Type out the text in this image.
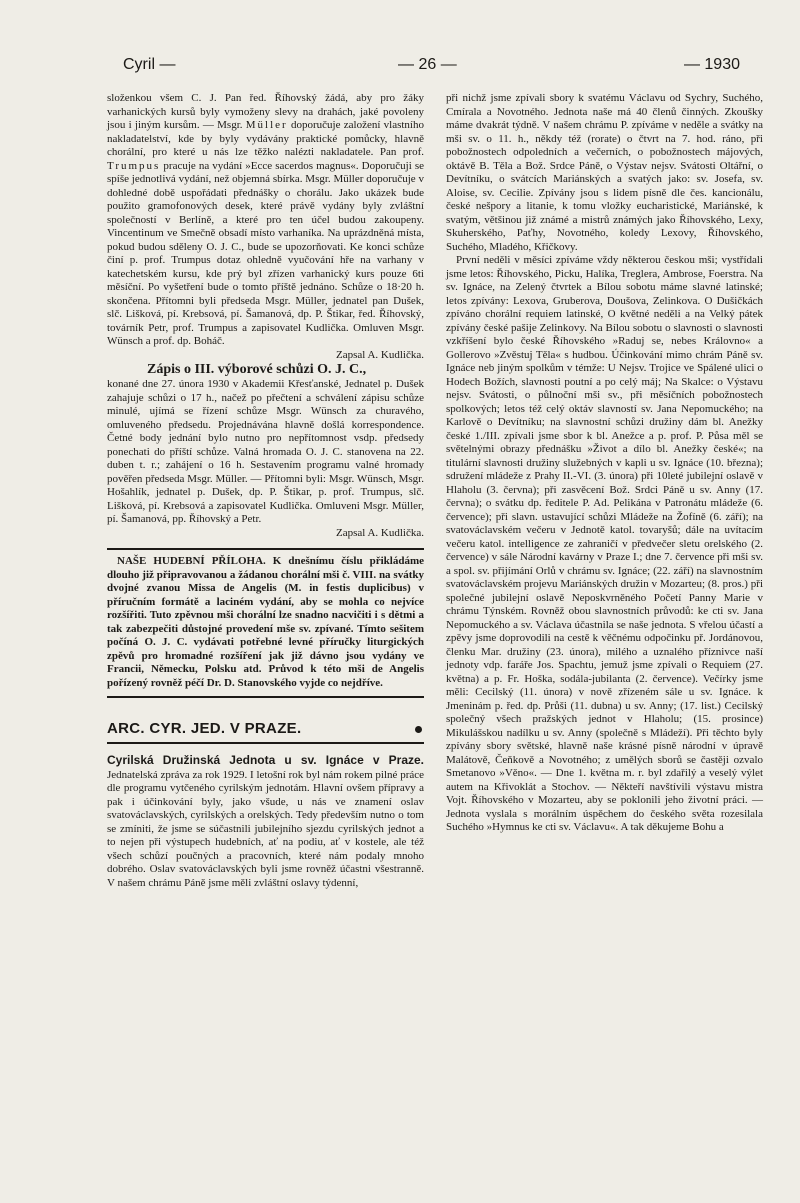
Cyril —	— 26 —	— 1930

složenkou všem C. J. Pan řed. Říhovský žádá, aby pro žáky varhanických kursů byly vymoženy slevy na drahách, jaké povoleny jsou i jiným kursům. — Msgr. Müller doporučuje založení vlastního nakladatelství, kde by byly vydávány praktické pomůcky, hlavně chorální, pro které u nás lze těžko nalézti nakladatele. Pan prof. Trumpus pracuje na vydání »Ecce sacerdos magnus«. Doporučuji se spíše jednotlivá vydání, než objemná sbírka. Msgr. Müller doporučuje v dohledné době uspořádati přednášky o chorálu. Jako ukázek bude použito gramofonových desek, které právě vydány byly zvláštní společností v Berlíně, a které pro ten účel budou zakoupeny. Vincentinum ve Smečně obsadí místo varhaníka. Na uprázdněná místa, pokud budou sděleny O. J. C., bude se upozorňovati. Ke konci schůze činí p. prof. Trumpus dotaz ohledně vyučování hře na varhany v katechetském kursu, kde prý byl zřízen varhanický kurs pouze 6ti měsíční. Po vyšetření bude o tomto příště jednáno. Schůze o 18·20 h. skončena. Přítomni byli předseda Msgr. Müller, jednatel pan Dušek, slč. Lišková, pí. Krebsová, pí. Šamanová, dp. P. Štikar, řed. Říhovský, továrník Petr, prof. Trumpus a zapisovatel Kudlička. Omluven Msgr. Wünsch a prof. dp. Boháč.

Zapsal A. Kudlička.

Zápis o III. výborové schůzi O. J. C.,

konané dne 27. února 1930 v Akademii Křesťanské, Jednatel p. Dušek zahajuje schůzi o 17 h., načež po přečtení a schválení zápisu schůze minulé, ujímá se řízení schůze Msgr. Wünsch za churavého, omluveného předsedu. Projednávána hlavně došlá korrespondence. Četné body jednání bylo nutno pro nepřítomnost vsdp. předsedy ponechati do příští schůze. Valná hromada O. J. C. stanovena na 22. duben t. r.; zahájení o 16 h. Sestavením programu valné hromady pověřen předseda Msgr. Müller. — Přítomni byli: Msgr. Wünsch, Msgr. Hošahlík, jednatel p. Dušek, dp. P. Štikar, p. prof. Trumpus, slč. Lišková, pí. Krebsová a zapisovatel Kudlička. Omluveni Msgr. Müller, pí. Šamanová, pp. Říhovský a Petr.

Zapsal A. Kudlička.

NAŠE HUDEBNÍ PŘÍLOHA. K dnešnímu číslu přikládáme dlouho již připravovanou a žádanou chorální mši č. VIII. na svátky dvojné zvanou Missa de Angelis (M. in festis duplicibus) v příručním formátě a laciném vydání, aby se mohla co nejvíce rozšířiti. Tuto zpěvnou mši chorální lze snadno nacvičiti i s dětmi a tak zabezpečiti důstojné provedení mše sv. zpívané. Tímto sešitem počíná O. J. C. vydávati potřebné levné příručky liturgických zpěvů pro hromadné rozšíření jak již dávno jsou vydány ve Francii, Německu, Polsku atd. Průvod k této mši de Angelis pořízený rovněž péčí Dr. D. Stanovského vyjde co nejdříve.

ARC. CYR. JED. V PRAZE.

Cyrilská Družinská Jednota u sv. Ignáce v Praze. Jednatelská zpráva za rok 1929. I letošní rok byl nám rokem pilné práce dle programu vytčeného cyrilským jednotám. Hlavní ovšem přípravy a pak i účinkování byly, jako všude, u nás ve znamení oslav svatováclavských, cyrilských a orelských. Tedy především nutno o tom se zmíniti, že jsme se súčastnili jubilejního sjezdu cyrilských jednot a to nejen při výstupech hudebních, ať na podiu, ať v kostele, ale též všech schůzí poučných a pracovních, které nám podaly mnoho dobrého. Oslav svatováclavských byli jsme rovněž účastni všestranně. V našem chrámu Páně jsme měli zvláštní oslavy týdenní,

při nichž jsme zpívali sbory k svatému Václavu od Sychry, Suchého, Cmírala a Novotného. Jednota naše má 40 členů činných. Zkoušky máme dvakrát týdně. V našem chrámu P. zpíváme v neděle a svátky na mši sv. o 11. h., někdy též (rorate) o čtvrt na 7. hod. ráno, při pobožnostech odpoledních a večerních, o pobožnostech májových, oktávě B. Těla a Bož. Srdce Páně, o Výstav nejsv. Svátosti Oltářní, o Devítníku, o svátcích Mariánských a svatých jako: sv. Josefa, sv. Aloise, sv. Cecilie. Zpívány jsou s lidem písně dle čes. kancionálu, české nešpory a litanie, k tomu vložky eucharistické, Mariánské, k svatým, většinou již známé a mistrů známých jako Říhovského, Lexy, Skuherského, Paťhy, Novotného, koledy Lexovy, Říhovského, Suchého, Mladého, Křičkovy.

První neděli v měsíci zpíváme vždy některou českou mši; vystřídali jsme letos: Říhovského, Picku, Halíka, Treglera, Ambrose, Foerstra. Na sv. Ignáce, na Zelený čtvrtek a Bílou sobotu máme slavné latinské; letos zpívány: Lexova, Gruberova, Doušova, Zelinkova. O Dušičkách zpíváno chorální requiem latinské, O květné neděli a na Velký pátek zpívány české pašije Zelinkovy. Na Bílou sobotu o slavnosti o slavnosti vzkříšení bylo české Říhovského »Raduj se, nebes Královno« a Gollerovo »Zvěstuj Těla« s hudbou. Účinkování mimo chrám Páně sv. Ignáce neb jiným spolkům v témže: U Nejsv. Trojice ve Spálené ulici o Hodech Božích, slavnosti poutní a po celý máj; Na Skalce: o Výstavu nejsv. Svátosti, o půlnoční mši sv., při měsíčních pobožnostech spolkových; letos též celý oktáv slavností sv. Jana Nepomuckého; na Karlově o Devítníku; na slavnostní schůzi družiny dám bl. Anežky české 1./III. zpívali jsme sbor k bl. Anežce a p. prof. P. Půsa měl se světelnými obrazy přednášku »Život a dílo bl. Anežky české«; na titulární slavnosti družiny služebných v kapli u sv. Ignáce (10. března); sdružení mládeže z Prahy II.-VI. (3. února) při 10leté jubilejní oslavě v Hlaholu (3. června); při zasvěcení Bož. Srdci Páně u sv. Anny (17. června); o svátku dp. ředitele P. Ad. Pelikána v Patronátu mládeže (6. července); při slavn. ustavující schůzi Mládeže na Žofíně (6. září); na svatováclavském večeru v Jednotě katol. tovaryšů; dále na uvítacím večeru katol. intelligence ze zahraničí v předvečer sletu orelského (2. července) v sále Národní kavárny v Praze I.; dne 7. července při mši sv. a spol. sv. přijímání Orlů v chrámu sv. Ignáce; (22. září) na slavnostním svatováclavském projevu Mariánských družin v Mozarteu; (8. pros.) při společné jubilejní oslavě Neposkvrněného Početí Panny Marie v chrámu Týnském. Rovněž obou slavnostních průvodů: ke cti sv. Jana Nepomuckého a sv. Václava účastnila se naše jednota. S vřelou účastí a zpěvy jsme doprovodili na cestě k věčnému odpočinku př. Jordánovou, členku Mar. družiny (23. února), milého a uznalého příznivce naší jednoty vdp. faráře Jos. Spachtu, jemuž jsme zpívali o Requiem (27. května) a p. Fr. Hoška, sodála-jubilanta (2. července). Večírky jsme měli: Cecilský (11. února) v nově zřízeném sále u sv. Ignáce. k Jmeninám p. řed. dp. Průši (11. dubna) u sv. Anny; (17. list.) Cecilský společný všech pražských jednot v Hlaholu; (15. prosince) Mikulášskou nadílku u sv. Anny (společně s Mládeží). Při těchto byly zpívány sbory světské, hlavně naše krásné písně národní v úpravě Malátově, Čeňkově a Novotného; z umělých sborů se častěji ozvalo Smetanovo »Věno«. — Dne 1. května m. r. byl zdařilý a veselý výlet autem na Křivoklát a Stochov. — Někteří navštívili výstavu mistra Vojt. Říhovského v Mozarteu, aby se poklonili jeho životní práci. — Jednota vyslala s morálním úspěchem do českého světa rozesilala Suchého »Hymnus ke cti sv. Václavu«. A tak děkujeme Bohu a
